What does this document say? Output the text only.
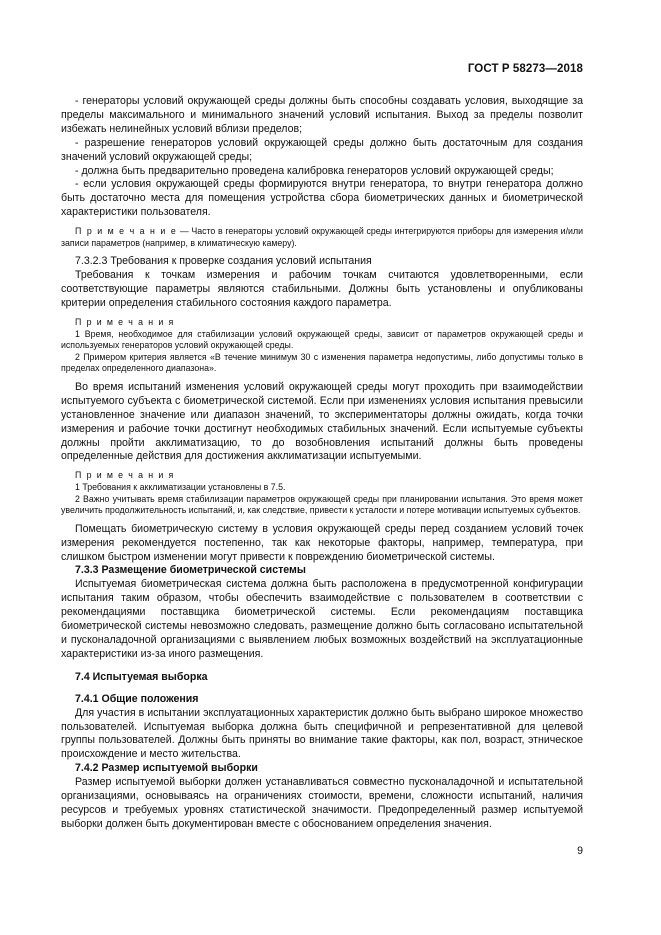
ГОСТ Р 58273—2018

- генераторы условий окружающей среды должны быть способны создавать условия, выходящие за пределы максимального и минимального значений условий испытания. Выход за пределы позволит избежать нелинейных условий вблизи пределов;

- разрешение генераторов условий окружающей среды должно быть достаточным для создания значений условий окружающей среды;

- должна быть предварительно проведена калибровка генераторов условий окружающей среды;

- если условия окружающей среды формируются внутри генератора, то внутри генератора должно быть достаточно места для помещения устройства сбора биометрических данных и биометрической характеристики пользователя.

П р и м е ч а н и е — Часто в генераторы условий окружающей среды интегрируются приборы для измерения и/или записи параметров (например, в климатическую камеру).

7.3.2.3 Требования к проверке создания условий испытания

Требования к точкам измерения и рабочим точкам считаются удовлетворенными, если соответствующие параметры являются стабильными. Должны быть установлены и опубликованы критерии определения стабильного состояния каждого параметра.

П р и м е ч а н и я

1 Время, необходимое для стабилизации условий окружающей среды, зависит от параметров окружающей среды и используемых генераторов условий окружающей среды.

2 Примером критерия является «В течение минимум 30 с изменения параметра недопустимы, либо допустимы только в пределах определенного диапазона».

Во время испытаний изменения условий окружающей среды могут проходить при взаимодействии испытуемого субъекта с биометрической системой. Если при изменениях условия испытания превысили установленное значение или диапазон значений, то экспериментаторы должны ожидать, когда точки измерения и рабочие точки достигнут необходимых стабильных значений. Если испытуемые субъекты должны пройти акклиматизацию, то до возобновления испытаний должны быть проведены определенные действия для достижения акклиматизации испытуемыми.

П р и м е ч а н и я

1 Требования к акклиматизации установлены в 7.5.

2 Важно учитывать время стабилизации параметров окружающей среды при планировании испытания. Это время может увеличить продолжительность испытаний, и, как следствие, привести к усталости и потере мотивации испытуемых субъектов.

Помещать биометрическую систему в условия окружающей среды перед созданием условий точек измерения рекомендуется постепенно, так как некоторые факторы, например, температура, при слишком быстром изменении могут привести к повреждению биометрической системы.

7.3.3 Размещение биометрической системы

Испытуемая биометрическая система должна быть расположена в предусмотренной конфигурации испытания таким образом, чтобы обеспечить взаимодействие с пользователем в соответствии с рекомендациями поставщика биометрической системы. Если рекомендациям поставщика биометрической системы невозможно следовать, размещение должно быть согласовано испытательной и пусконаладочной организациями с выявлением любых возможных воздействий на эксплуатационные характеристики из-за иного размещения.

7.4 Испытуемая выборка

7.4.1 Общие положения

Для участия в испытании эксплуатационных характеристик должно быть выбрано широкое множество пользователей. Испытуемая выборка должна быть специфичной и репрезентативной для целевой группы пользователей. Должны быть приняты во внимание такие факторы, как пол, возраст, этническое происхождение и место жительства.

7.4.2 Размер испытуемой выборки

Размер испытуемой выборки должен устанавливаться совместно пусконаладочной и испытательной организациями, основываясь на ограничениях стоимости, времени, сложности испытаний, наличия ресурсов и требуемых уровнях статистической значимости. Предопределенный размер испытуемой выборки должен быть документирован вместе с обоснованием определения значения.

9
